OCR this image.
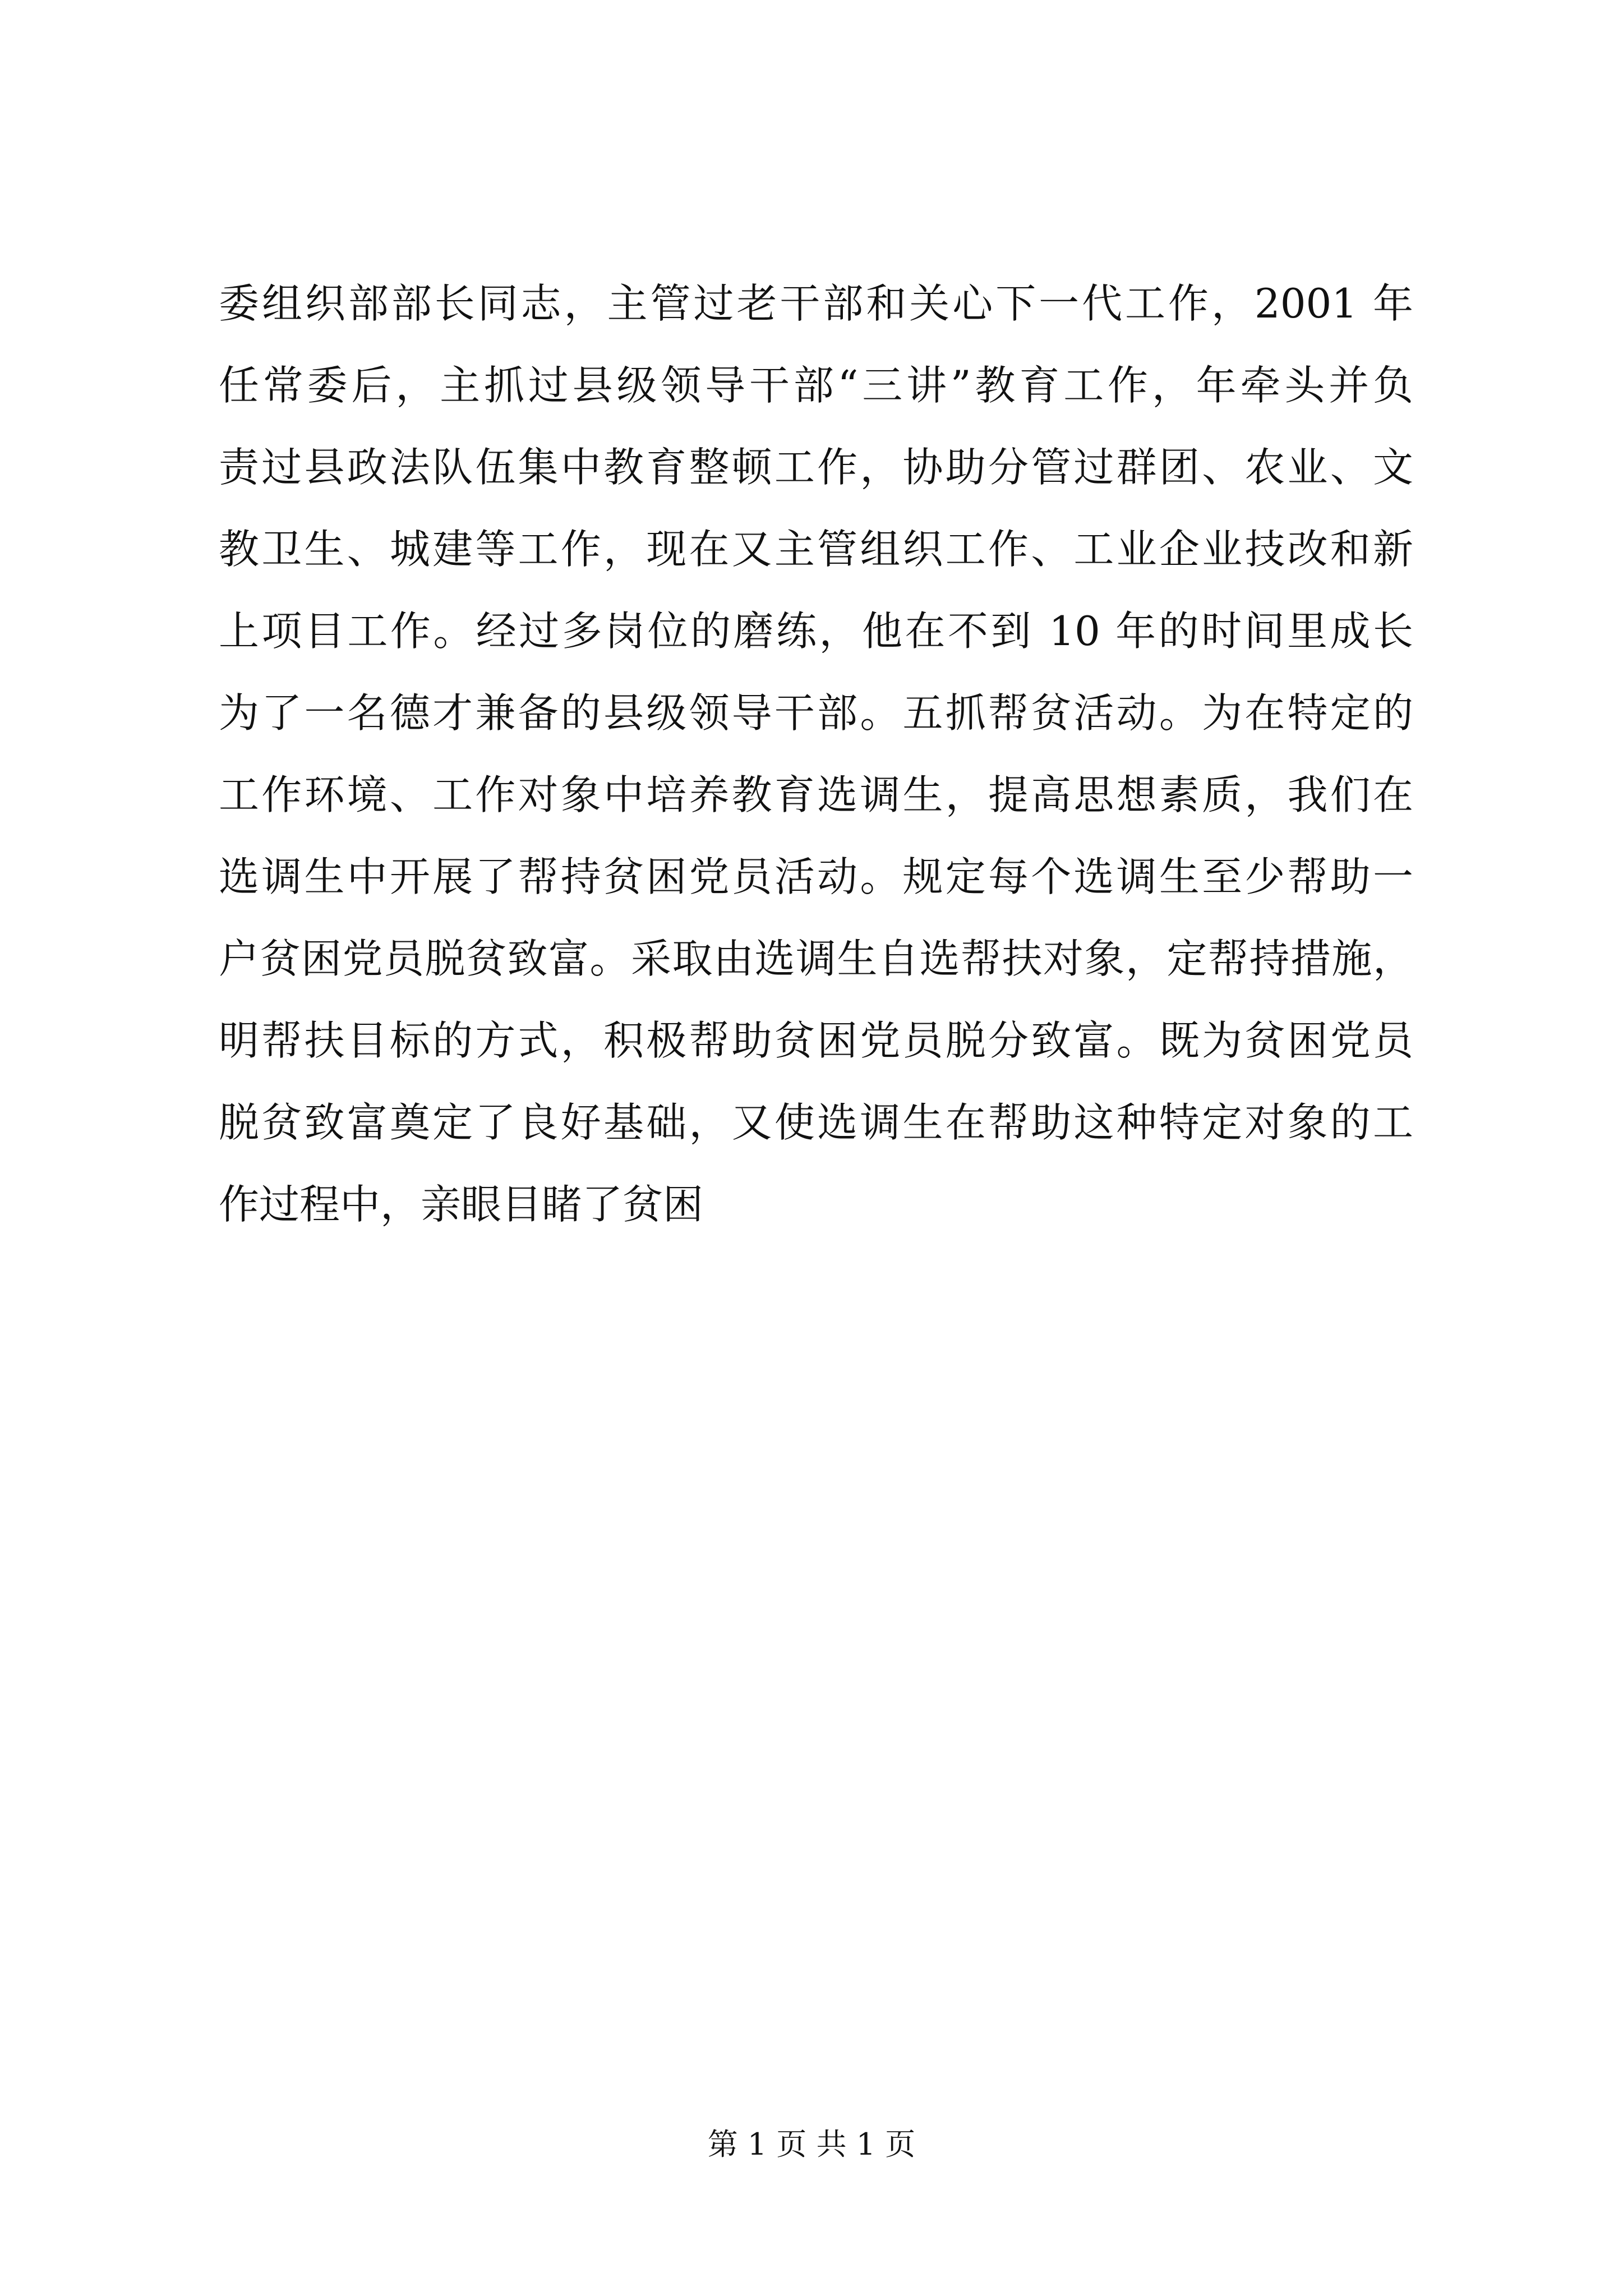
委组织部部长同志，主管过老干部和关心下一代工作，2001 年
任常委后，主抓过县级领导干部“三讲”教育工作，年牵头并负
责过县政法队伍集中教育整顿工作，协助分管过群团、农业、文
教卫生、城建等工作，现在又主管组织工作、工业企业技改和新
上项目工作。经过多岗位的磨练，他在不到 10 年的时间里成长
为了一名德才兼备的县级领导干部。五抓帮贫活动。为在特定的
工作环境、工作对象中培养教育选调生，提高思想素质，我们在
选调生中开展了帮持贫困党员活动。规定每个选调生至少帮助一
户贫困党员脱贫致富。采取由选调生自选帮扶对象，定帮持措施，
明帮扶目标的方式，积极帮助贫困党员脱分致富。既为贫困党员
脱贫致富奠定了良好基础，又使选调生在帮助这种特定对象的工
作过程中，亲眼目睹了贫困
第 1 页 共 1 页
